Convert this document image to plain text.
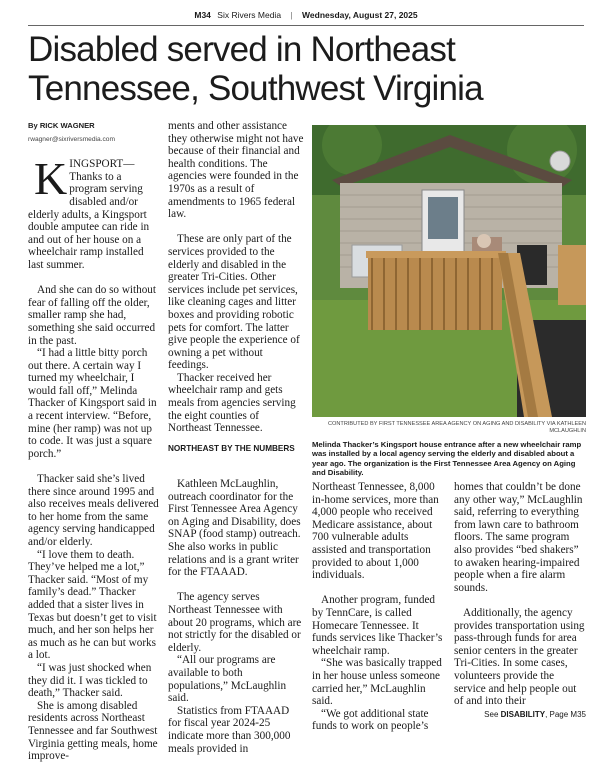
M34 Six Rivers Media | Wednesday, August 27, 2025
Disabled served in Northeast Tennessee, Southwest Virginia
By RICK WAGNER
rwagner@sixriversmedia.com

KINGSPORT—Thanks to a program serving disabled and/or elderly adults, a Kingsport double amputee can ride in and out of her house on a wheelchair ramp installed last summer.

And she can do so without fear of falling off the older, smaller ramp she had, something she said occurred in the past.

“I had a little bitty porch out there. A certain way I turned my wheelchair, I would fall off,” Melinda Thacker of Kingsport said in a recent interview. “Before, mine (her ramp) was not up to code. It was just a square porch.”

Thacker said she’s lived there since around 1995 and also receives meals delivered to her home from the same agency serving handicapped and/or elderly.

“I love them to death. They’ve helped me a lot,” Thacker said. “Most of my family’s dead.” Thacker added that a sister lives in Texas but doesn’t get to visit much, and her son helps her as much as he can but works a lot.

“I was just shocked when they did it. I was tickled to death,” Thacker said.

She is among disabled residents across Northeast Tennessee and far Southwest Virginia getting meals, home improve-

ments and other assistance they otherwise might not have because of their financial and health conditions. The agencies were founded in the 1970s as a result of amendments to 1965 federal law.

These are only part of the services provided to the elderly and disabled in the greater Tri-Cities. Other services include pet services, like cleaning cages and litter boxes and providing robotic pets for comfort. The latter give people the experience of owning a pet without feedings.

Thacker received her wheelchair ramp and gets meals from agencies serving the eight counties of Northeast Tennessee.

NORTHEAST BY THE NUMBERS

Kathleen McLaughlin, outreach coordinator for the First Tennessee Area Agency on Aging and Disability, does SNAP (food stamp) outreach. She also works in public relations and is a grant writer for the FTAAAD.

The agency serves Northeast Tennessee with about 20 programs, which are not strictly for the disabled or elderly.

“All our programs are available to both populations,” McLaughlin said.

Statistics from FTAAAD for fiscal year 2024-25 indicate more than 300,000 meals provided in

CONTRIBUTED BY FIRST TENNESSEE AREA AGENCY ON AGING AND DISABILITY VIA KATHLEEN MCLAUGHLIN
Melinda Thacker’s Kingsport house entrance after a new wheelchair ramp was installed by a local agency serving the elderly and disabled about a year ago. The organization is the First Tennessee Area Agency on Aging and Disability.

Northeast Tennessee, 8,000 in-home services, more than 4,000 people who received Medicare assistance, about 700 vulnerable adults assisted and transportation provided to about 1,000 individuals.

Another program, funded by TennCare, is called Homecare Tennessee. It funds services like Thacker’s wheelchair ramp.

“She was basically trapped in her house unless someone carried her,” McLaughlin said.

“We got additional state funds to work on people’s

homes that couldn’t be done any other way,” McLaughlin said, referring to everything from lawn care to bathroom floors. The same program also provides “bed shakers” to awaken hearing-impaired people when a fire alarm sounds.

Additionally, the agency provides transportation using pass-through funds for area senior centers in the greater Tri-Cities. In some cases, volunteers provide the service and help people out of and into their

See DISABILITY, Page M35
